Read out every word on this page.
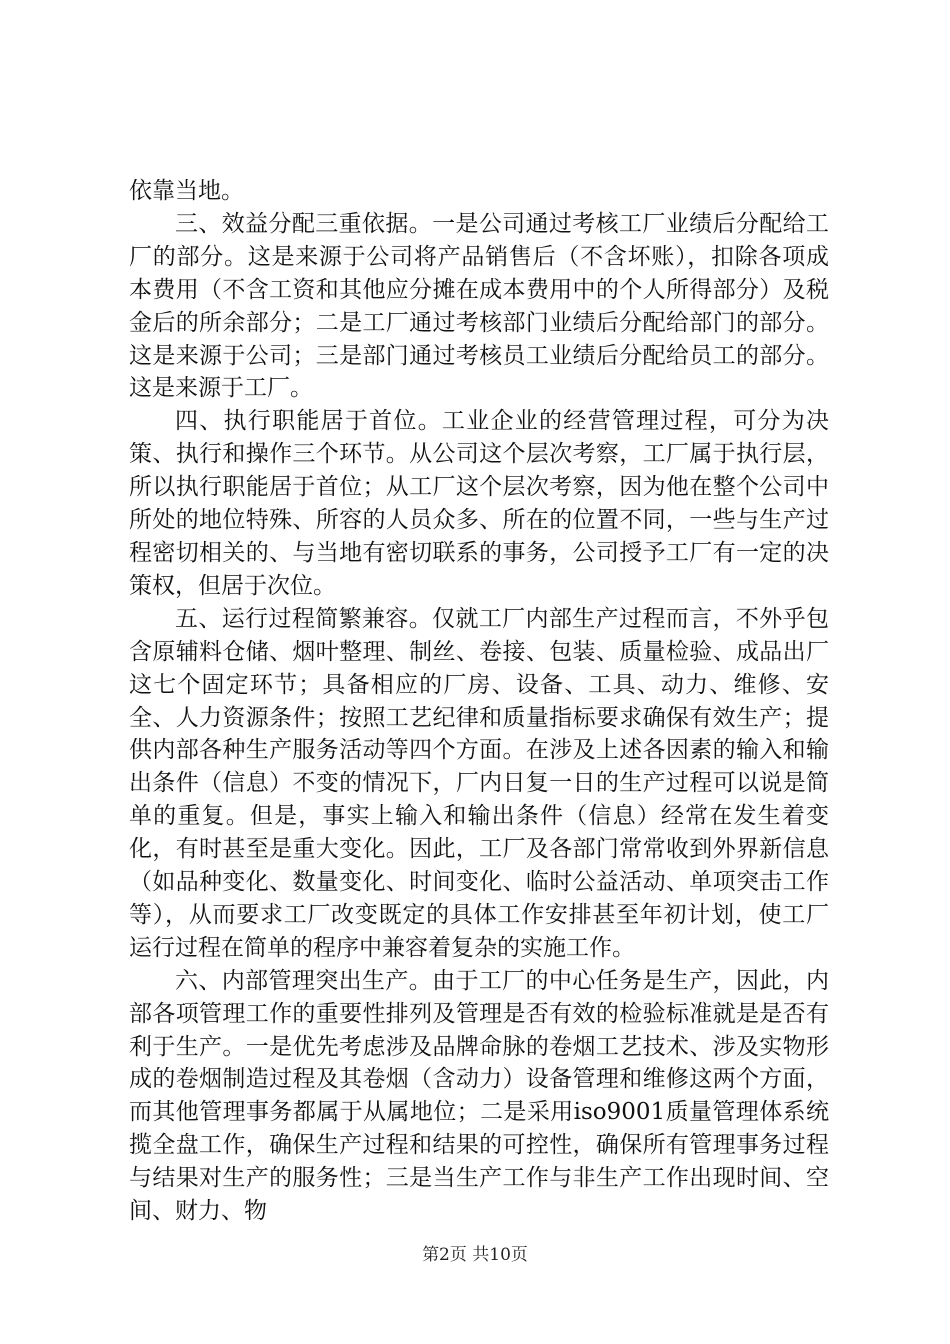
依靠当地。

三、效益分配三重依据。一是公司通过考核工厂业绩后分配给工厂的部分。这是来源于公司将产品销售后（不含坏账），扣除各项成本费用（不含工资和其他应分摊在成本费用中的个人所得部分）及税金后的所余部分；二是工厂通过考核部门业绩后分配给部门的部分。这是来源于公司；三是部门通过考核员工业绩后分配给员工的部分。这是来源于工厂。

四、执行职能居于首位。工业企业的经营管理过程，可分为决策、执行和操作三个环节。从公司这个层次考察，工厂属于执行层，所以执行职能居于首位；从工厂这个层次考察，因为他在整个公司中所处的地位特殊、所容的人员众多、所在的位置不同，一些与生产过程密切相关的、与当地有密切联系的事务，公司授予工厂有一定的决策权，但居于次位。

五、运行过程简繁兼容。仅就工厂内部生产过程而言，不外乎包含原辅料仓储、烟叶整理、制丝、卷接、包装、质量检验、成品出厂这七个固定环节；具备相应的厂房、设备、工具、动力、维修、安全、人力资源条件；按照工艺纪律和质量指标要求确保有效生产；提供内部各种生产服务活动等四个方面。在涉及上述各因素的输入和输出条件（信息）不变的情况下，厂内日复一日的生产过程可以说是简单的重复。但是，事实上输入和输出条件（信息）经常在发生着变化，有时甚至是重大变化。因此，工厂及各部门常常收到外界新信息（如品种变化、数量变化、时间变化、临时公益活动、单项突击工作等），从而要求工厂改变既定的具体工作安排甚至年初计划，使工厂运行过程在简单的程序中兼容着复杂的实施工作。

六、内部管理突出生产。由于工厂的中心任务是生产，因此，内部各项管理工作的重要性排列及管理是否有效的检验标准就是是否有利于生产。一是优先考虑涉及品牌命脉的卷烟工艺技术、涉及实物形成的卷烟制造过程及其卷烟（含动力）设备管理和维修这两个方面，而其他管理事务都属于从属地位；二是采用iso9001质量管理体系统揽全盘工作，确保生产过程和结果的可控性，确保所有管理事务过程与结果对生产的服务性；三是当生产工作与非生产工作出现时间、空间、财力、物

第2页 共10页
